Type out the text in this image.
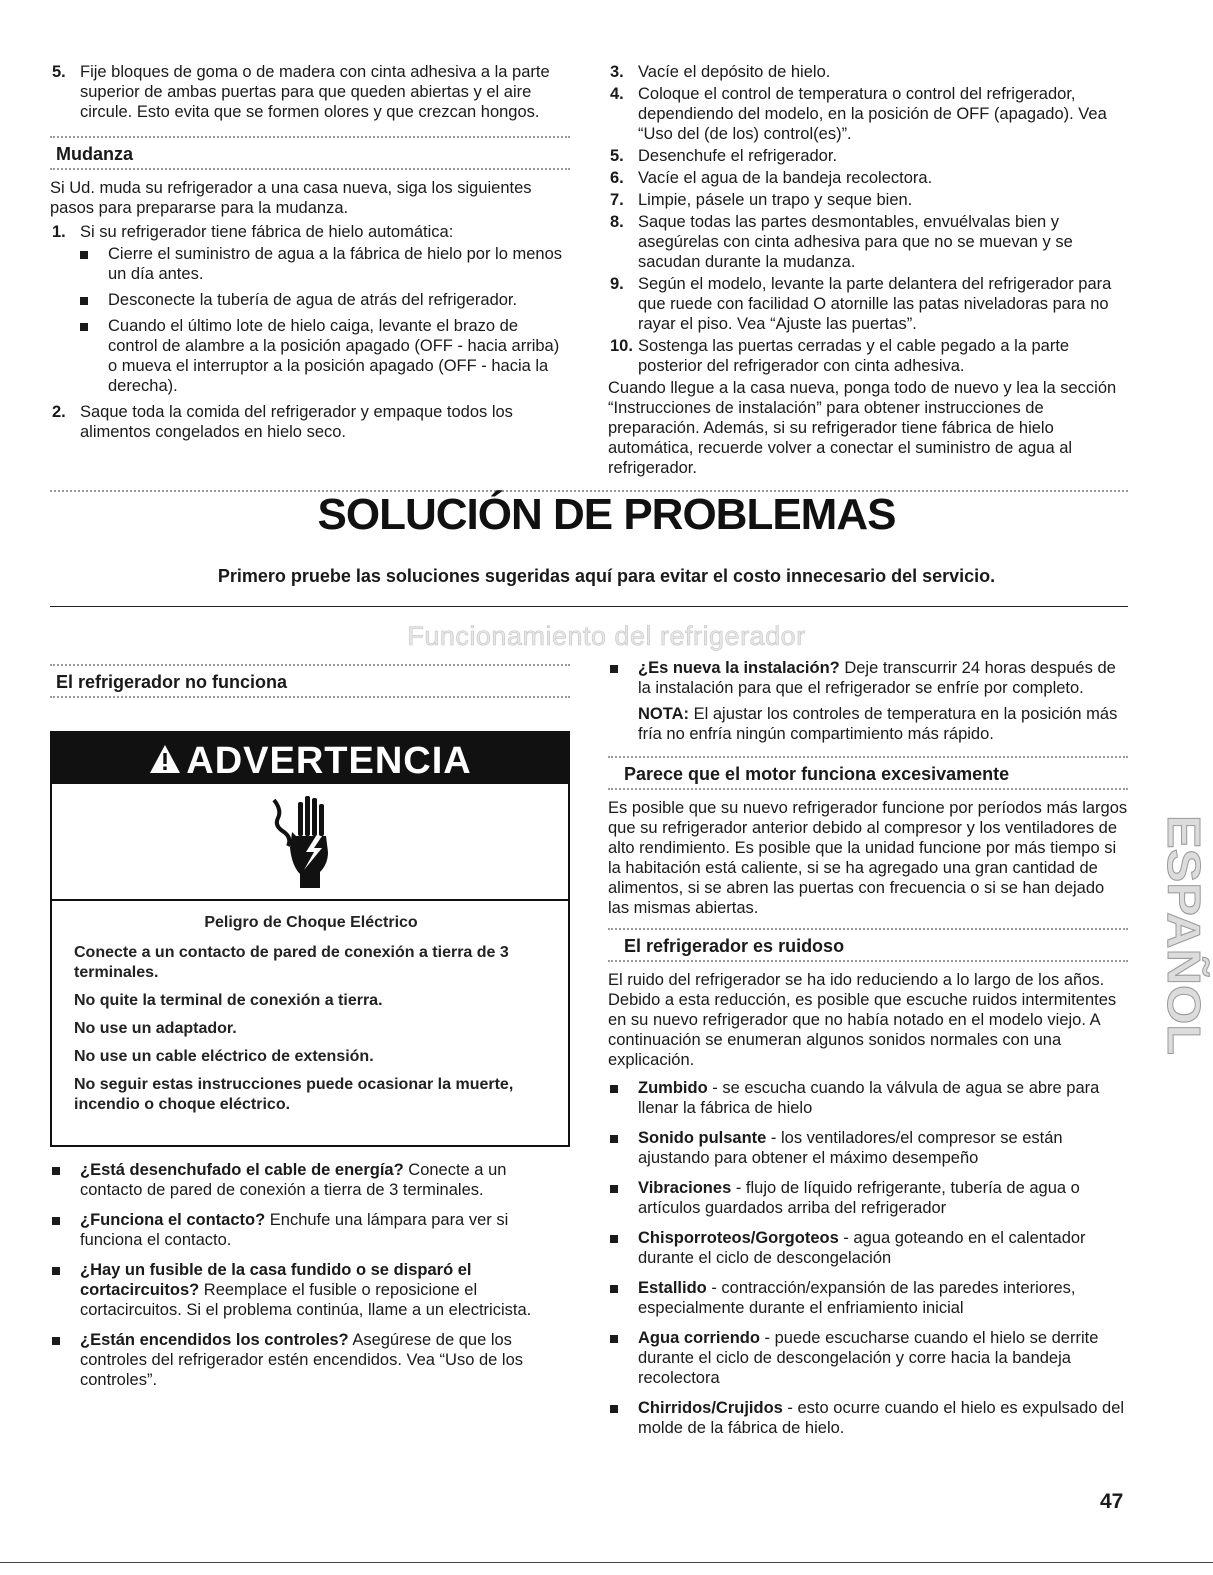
5. Fije bloques de goma o de madera con cinta adhesiva a la parte superior de ambas puertas para que queden abiertas y el aire circule. Esto evita que se formen olores y que crezcan hongos.
Mudanza

Si Ud. muda su refrigerador a una casa nueva, siga los siguientes pasos para prepararse para la mudanza.

1. Si su refrigerador tiene fábrica de hielo automática:
Cierre el suministro de agua a la fábrica de hielo por lo menos un día antes.
Desconecte la tubería de agua de atrás del refrigerador.
Cuando el último lote de hielo caiga, levante el brazo de control de alambre a la posición apagado (OFF - hacia arriba) o mueva el interruptor a la posición apagado (OFF - hacia la derecha).
2. Saque toda la comida del refrigerador y empaque todos los alimentos congelados en hielo seco.
3. Vacíe el depósito de hielo.
4. Coloque el control de temperatura o control del refrigerador, dependiendo del modelo, en la posición de OFF (apagado). Vea “Uso del (de los) control(es)”.
5. Desenchufe el refrigerador.
6. Vacíe el agua de la bandeja recolectora.
7. Limpie, pásele un trapo y seque bien.
8. Saque todas las partes desmontables, envuélvalas bien y asegúrelas con cinta adhesiva para que no se muevan y se sacudan durante la mudanza.
9. Según el modelo, levante la parte delantera del refrigerador para que ruede con facilidad O atornille las patas niveladoras para no rayar el piso. Vea “Ajuste las puertas”.
10. Sostenga las puertas cerradas y el cable pegado a la parte posterior del refrigerador con cinta adhesiva.

Cuando llegue a la casa nueva, ponga todo de nuevo y lea la sección “Instrucciones de instalación” para obtener instrucciones de preparación. Además, si su refrigerador tiene fábrica de hielo automática, recuerde volver a conectar el suministro de agua al refrigerador.

SOLUCIÓN DE PROBLEMAS
Primero pruebe las soluciones sugeridas aquí para evitar el costo innecesario del servicio.
Funcionamiento del refrigerador
El refrigerador no funciona
ADVERTENCIA

Peligro de Choque Eléctrico

Conecte a un contacto de pared de conexión a tierra de 3 terminales.

No quite la terminal de conexión a tierra.

No use un adaptador.

No use un cable eléctrico de extensión.

No seguir estas instrucciones puede ocasionar la muerte, incendio o choque eléctrico.

¿Está desenchufado el cable de energía? Conecte a un contacto de pared de conexión a tierra de 3 terminales.
¿Funciona el contacto? Enchufe una lámpara para ver si funciona el contacto.
¿Hay un fusible de la casa fundido o se disparó el cortacircuitos? Reemplace el fusible o reposicione el cortacircuitos. Si el problema continúa, llame a un electricista.
¿Están encendidos los controles? Asegúrese de que los controles del refrigerador estén encendidos. Vea “Uso de los controles”.
¿Es nueva la instalación? Deje transcurrir 24 horas después de la instalación para que el refrigerador se enfríe por completo.

NOTA: El ajustar los controles de temperatura en la posición más fría no enfría ningún compartimiento más rápido.

Parece que el motor funciona excesivamente

Es posible que su nuevo refrigerador funcione por períodos más largos que su refrigerador anterior debido al compresor y los ventiladores de alto rendimiento. Es posible que la unidad funcione por más tiempo si la habitación está caliente, si se ha agregado una gran cantidad de alimentos, si se abren las puertas con frecuencia o si se han dejado las mismas abiertas.

El refrigerador es ruidoso

El ruido del refrigerador se ha ido reduciendo a lo largo de los años. Debido a esta reducción, es posible que escuche ruidos intermitentes en su nuevo refrigerador que no había notado en el modelo viejo. A continuación se enumeran algunos sonidos normales con una explicación.

Zumbido - se escucha cuando la válvula de agua se abre para llenar la fábrica de hielo
Sonido pulsante - los ventiladores/el compresor se están ajustando para obtener el máximo desempeño
Vibraciones - flujo de líquido refrigerante, tubería de agua o artículos guardados arriba del refrigerador
Chisporroteos/Gorgoteos - agua goteando en el calentador durante el ciclo de descongelación
Estallido - contracción/expansión de las paredes interiores, especialmente durante el enfriamiento inicial
Agua corriendo - puede escucharse cuando el hielo se derrite durante el ciclo de descongelación y corre hacia la bandeja recolectora
Chirridos/Crujidos - esto ocurre cuando el hielo es expulsado del molde de la fábrica de hielo.
ESPAÑOL
47
